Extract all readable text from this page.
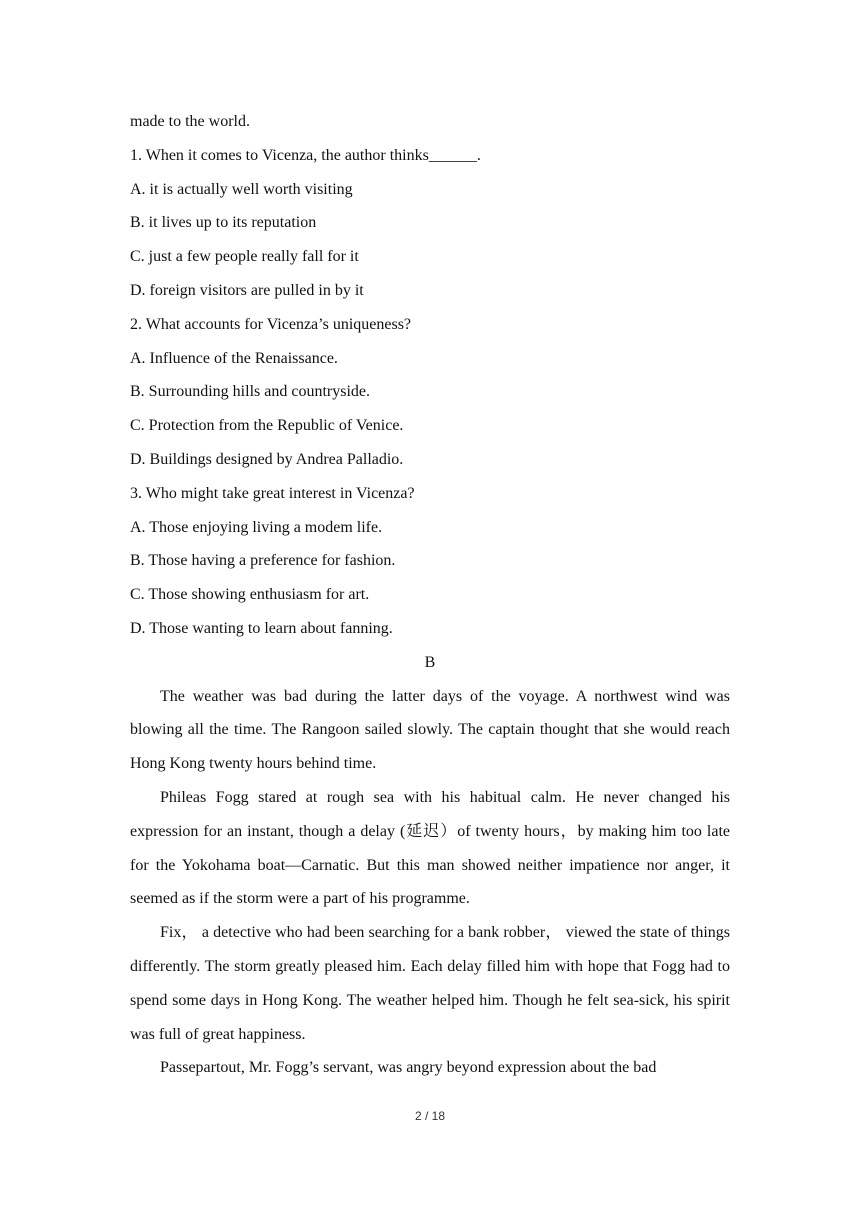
made to the world.
1. When it comes to Vicenza, the author thinks______.
A. it is actually well worth visiting
B. it lives up to its reputation
C. just a few people really fall for it
D. foreign visitors are pulled in by it
2. What accounts for Vicenza’s uniqueness?
A. Influence of the Renaissance.
B. Surrounding hills and countryside.
C. Protection from the Republic of Venice.
D. Buildings designed by Andrea Palladio.
3. Who might take great interest in Vicenza?
A. Those enjoying living a modem life.
B. Those having a preference for fashion.
C. Those showing enthusiasm for art.
D. Those wanting to learn about fanning.
B

The weather was bad during the latter days of the voyage. A northwest wind was blowing all the time. The Rangoon sailed slowly. The captain thought that she would reach Hong Kong twenty hours behind time.

Phileas Fogg stared at rough sea with his habitual calm. He never changed his expression for an instant, though a delay (延迟）of twenty hours，by making him too late for the Yokohama boat—Carnatic. But this man showed neither impatience nor anger, it seemed as if the storm were a part of his programme.

Fix， a detective who had been searching for a bank robber， viewed the state of things differently. The storm greatly pleased him. Each delay filled him with hope that Fogg had to spend some days in Hong Kong. The weather helped him. Though he felt sea-sick, his spirit was full of great happiness.

Passepartout, Mr. Fogg’s servant, was angry beyond expression about the bad

2 / 18
